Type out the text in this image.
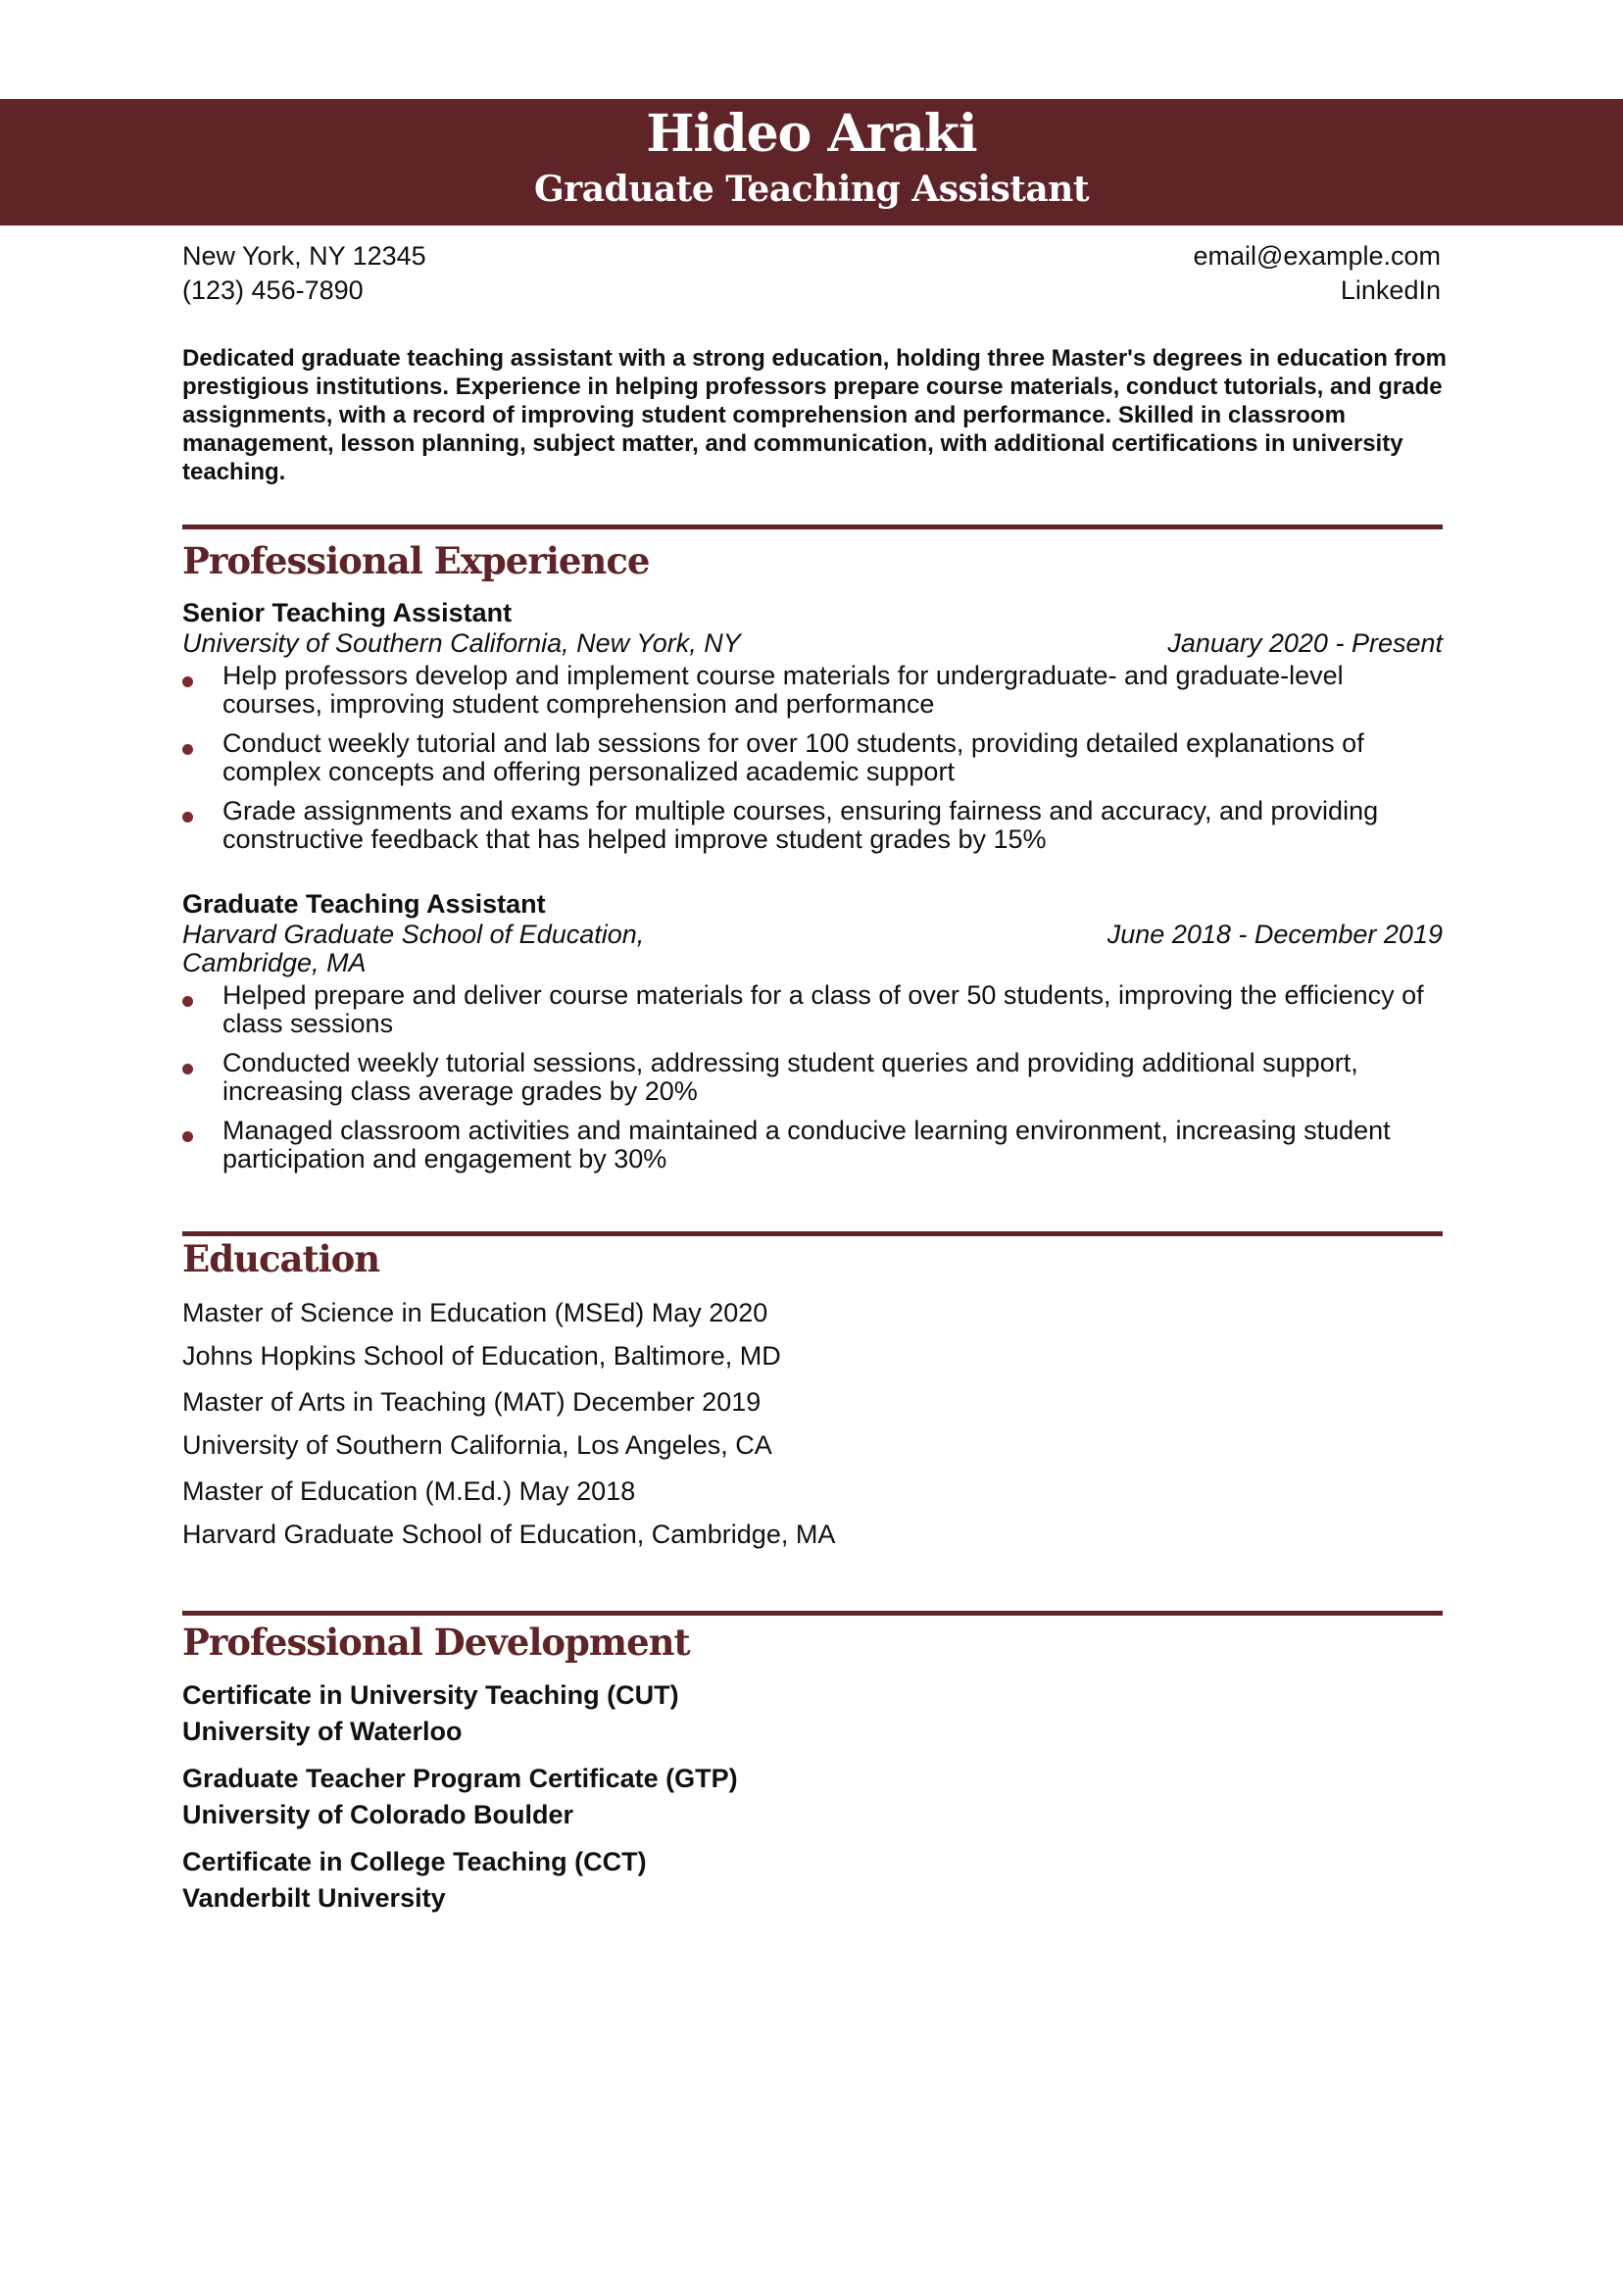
Hideo Araki
Graduate Teaching Assistant
New York, NY 12345
(123) 456-7890
email@example.com
LinkedIn
Dedicated graduate teaching assistant with a strong education, holding three Master's degrees in education from prestigious institutions. Experience in helping professors prepare course materials, conduct tutorials, and grade assignments, with a record of improving student comprehension and performance. Skilled in classroom management, lesson planning, subject matter, and communication, with additional certifications in university teaching.
Professional Experience
Senior Teaching Assistant
University of Southern California, New York, NY	January 2020 - Present
Help professors develop and implement course materials for undergraduate- and graduate-level courses, improving student comprehension and performance
Conduct weekly tutorial and lab sessions for over 100 students, providing detailed explanations of complex concepts and offering personalized academic support
Grade assignments and exams for multiple courses, ensuring fairness and accuracy, and providing constructive feedback that has helped improve student grades by 15%
Graduate Teaching Assistant
Harvard Graduate School of Education, Cambridge, MA
June 2018 - December 2019
Helped prepare and deliver course materials for a class of over 50 students, improving the efficiency of class sessions
Conducted weekly tutorial sessions, addressing student queries and providing additional support, increasing class average grades by 20%
Managed classroom activities and maintained a conducive learning environment, increasing student participation and engagement by 30%
Education
Master of Science in Education (MSEd) May 2020
Johns Hopkins School of Education, Baltimore, MD
Master of Arts in Teaching (MAT) December 2019
University of Southern California, Los Angeles, CA
Master of Education (M.Ed.) May 2018
Harvard Graduate School of Education, Cambridge, MA
Professional Development
Certificate in University Teaching (CUT)
University of Waterloo
Graduate Teacher Program Certificate (GTP)
University of Colorado Boulder
Certificate in College Teaching (CCT)
Vanderbilt University
